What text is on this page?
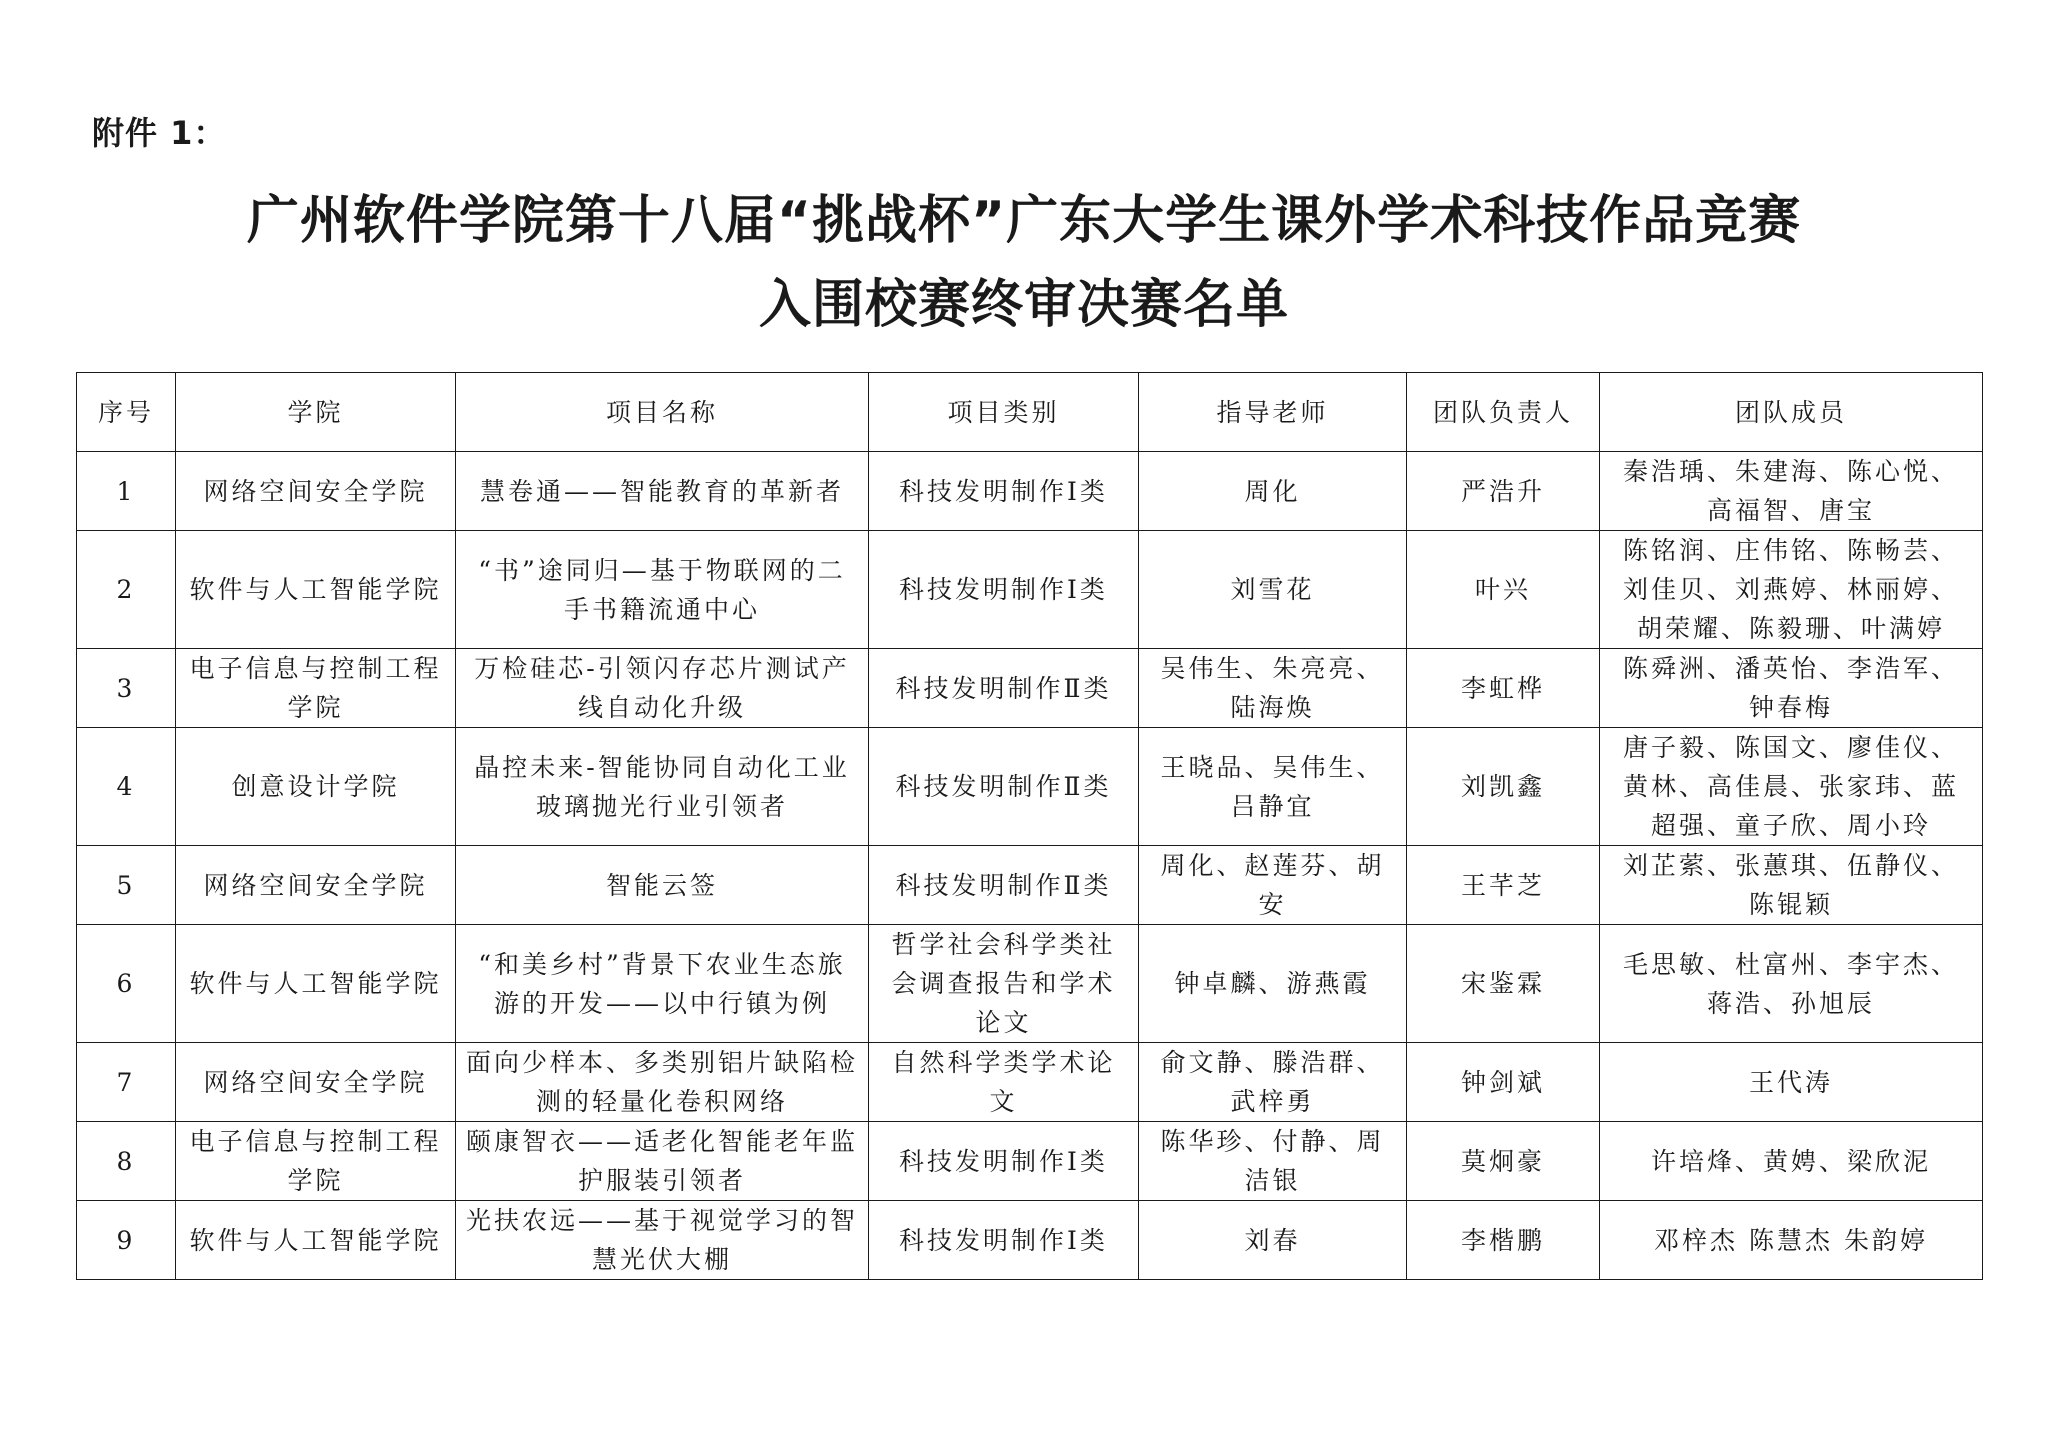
附件 1：
广州软件学院第十八届“挑战杯”广东大学生课外学术科技作品竞赛
入围校赛终审决赛名单
序号	学院	项目名称	项目类别	指导老师	团队负责人	团队成员
1	网络空间安全学院	慧卷通——智能教育的革新者	科技发明制作Ⅰ类	周化	严浩升	秦浩瑀、朱建海、陈心悦、高福智、唐宝
2	软件与人工智能学院	“书”途同归—基于物联网的二手书籍流通中心	科技发明制作Ⅰ类	刘雪花	叶兴	陈铭润、庄伟铭、陈畅芸、刘佳贝、刘燕婷、林丽婷、胡荣耀、陈毅珊、叶满婷
3	电子信息与控制工程学院	万检硅芯-引领闪存芯片测试产线自动化升级	科技发明制作Ⅱ类	吴伟生、朱亮亮、陆海焕	李虹桦	陈舜洲、潘英怡、李浩军、钟春梅
4	创意设计学院	晶控未来-智能协同自动化工业玻璃抛光行业引领者	科技发明制作Ⅱ类	王晓品、吴伟生、吕静宜	刘凯鑫	唐子毅、陈国文、廖佳仪、黄林、高佳晨、张家玮、蓝超强、童子欣、周小玲
5	网络空间安全学院	智能云签	科技发明制作Ⅱ类	周化、赵莲芬、胡安	王芊芝	刘芷萦、张蕙琪、伍静仪、陈锟颖
6	软件与人工智能学院	“和美乡村”背景下农业生态旅游的开发——以中行镇为例	哲学社会科学类社会调查报告和学术论文	钟卓麟、游燕霞	宋鉴霖	毛思敏、杜富州、李宇杰、蒋浩、孙旭辰
7	网络空间安全学院	面向少样本、多类别铝片缺陷检测的轻量化卷积网络	自然科学类学术论文	俞文静、滕浩群、武梓勇	钟剑斌	王代涛
8	电子信息与控制工程学院	颐康智衣——适老化智能老年监护服装引领者	科技发明制作Ⅰ类	陈华珍、付静、周洁银	莫炯豪	许培烽、黄娉、梁欣泥
9	软件与人工智能学院	光扶农远——基于视觉学习的智慧光伏大棚	科技发明制作Ⅰ类	刘春	李楷鹏	邓梓杰 陈慧杰 朱韵婷
